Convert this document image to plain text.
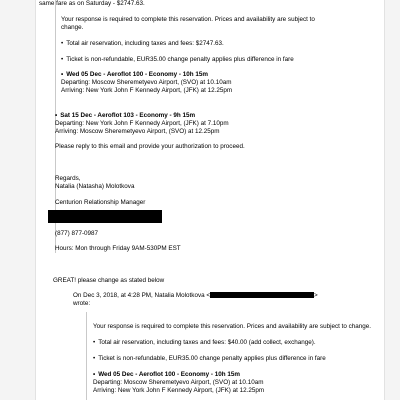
same fare as on Saturday - $2747.63.
Your response is required to complete this reservation. Prices and availability are subject to
change.
• Total air reservation, including taxes and fees: $2747.63.
• Ticket is non-refundable, EUR35.00 change penalty applies plus difference in fare
• Wed 05 Dec - Aeroflot 100 - Economy - 10h 15m
Departing: Moscow Sheremetyevo Airport, (SVO) at 10.10am
Arriving: New York John F Kennedy Airport, (JFK) at 12.25pm
• Sat 15 Dec - Aeroflot 103 - Economy - 9h 15m
Departing: New York John F Kennedy Airport, (JFK) at 7.10pm
Arriving: Moscow Sheremetyevo Airport, (SVO) at 12.25pm
Please reply to this email and provide your authorization to proceed.
Regards,
Natalia (Natasha) Molotkova
Centurion Relationship Manager
(877) 877-0987
Hours: Mon through Friday 9AM-530PM EST
GREAT! please change as stated below
On Dec 3, 2018, at 4:28 PM, Natalia Molotkova <	>
wrote:
Your response is required to complete this reservation. Prices and availability are subject to change.
• Total air reservation, including taxes and fees: $40.00 (add collect, exchange).
• Ticket is non-refundable, EUR35.00 change penalty applies plus difference in fare
• Wed 05 Dec - Aeroflot 100 - Economy - 10h 15m
Departing: Moscow Sheremetyevo Airport, (SVO) at 10.10am
Arriving: New York John F Kennedy Airport, (JFK) at 12.25pm
